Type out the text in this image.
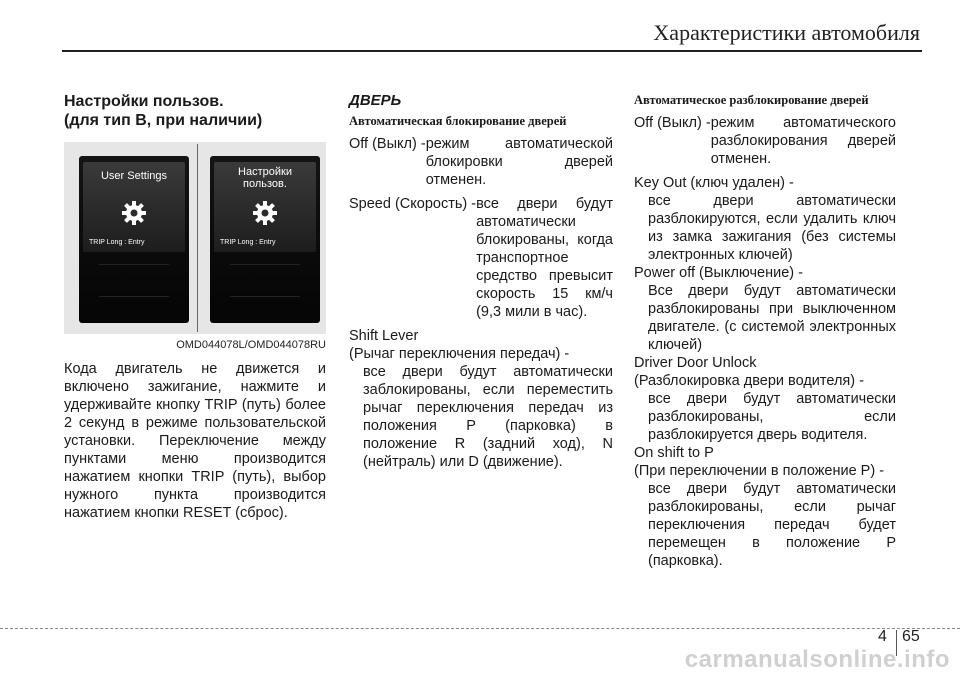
Характеристики автомобиля
Настройки пользов.
(для тип B, при наличии)
User Settings
TRIP Long : Entry
Настройки
пользов.
TRIP Long : Entry
OMD044078L/OMD044078RU
Кода двигатель не движется и включено зажигание, нажмите и удерживайте кнопку TRIP (путь) более 2 секунд в режиме пользовательской установки. Переключение между пунктами меню производится нажатием кнопки TRIP (путь), выбор нужного пункта производится нажатием кнопки RESET (сброс).
ДВЕРЬ
Автоматическая блокирование дверей
Off (Выкл) - режим автоматической блокировки дверей отменен.
Speed (Скорость) - все двери будут автоматически блокированы, когда транспортное средство превысит скорость 15 км/ч (9,3 мили в час).
Shift Lever
(Рычаг переключения передач) -
все двери будут автоматически заблокированы, если переместить рычаг переключения передач из положения P (парковка) в положение R (задний ход), N (нейтраль) или D (движение).
Автоматическое разблокирование дверей
Off (Выкл) - режим автоматического разблокирования дверей отменен.
Key Out (ключ удален) -
все двери автоматически разблокируются, если удалить ключ из замка зажигания (без системы электронных ключей)
Power off (Выключение) -
Все двери будут автоматически разблокированы при выключенном двигателе. (с системой электронных ключей)
Driver Door Unlock
(Разблокировка двери водителя) -
все двери будут автоматически разблокированы, если разблокируется дверь водителя.
On shift to P
(При переключении в положение P) -
все двери будут автоматически разблокированы, если рычаг переключения передач будет перемещен в положение P (парковка).
4 65
carmanualsonline.info
